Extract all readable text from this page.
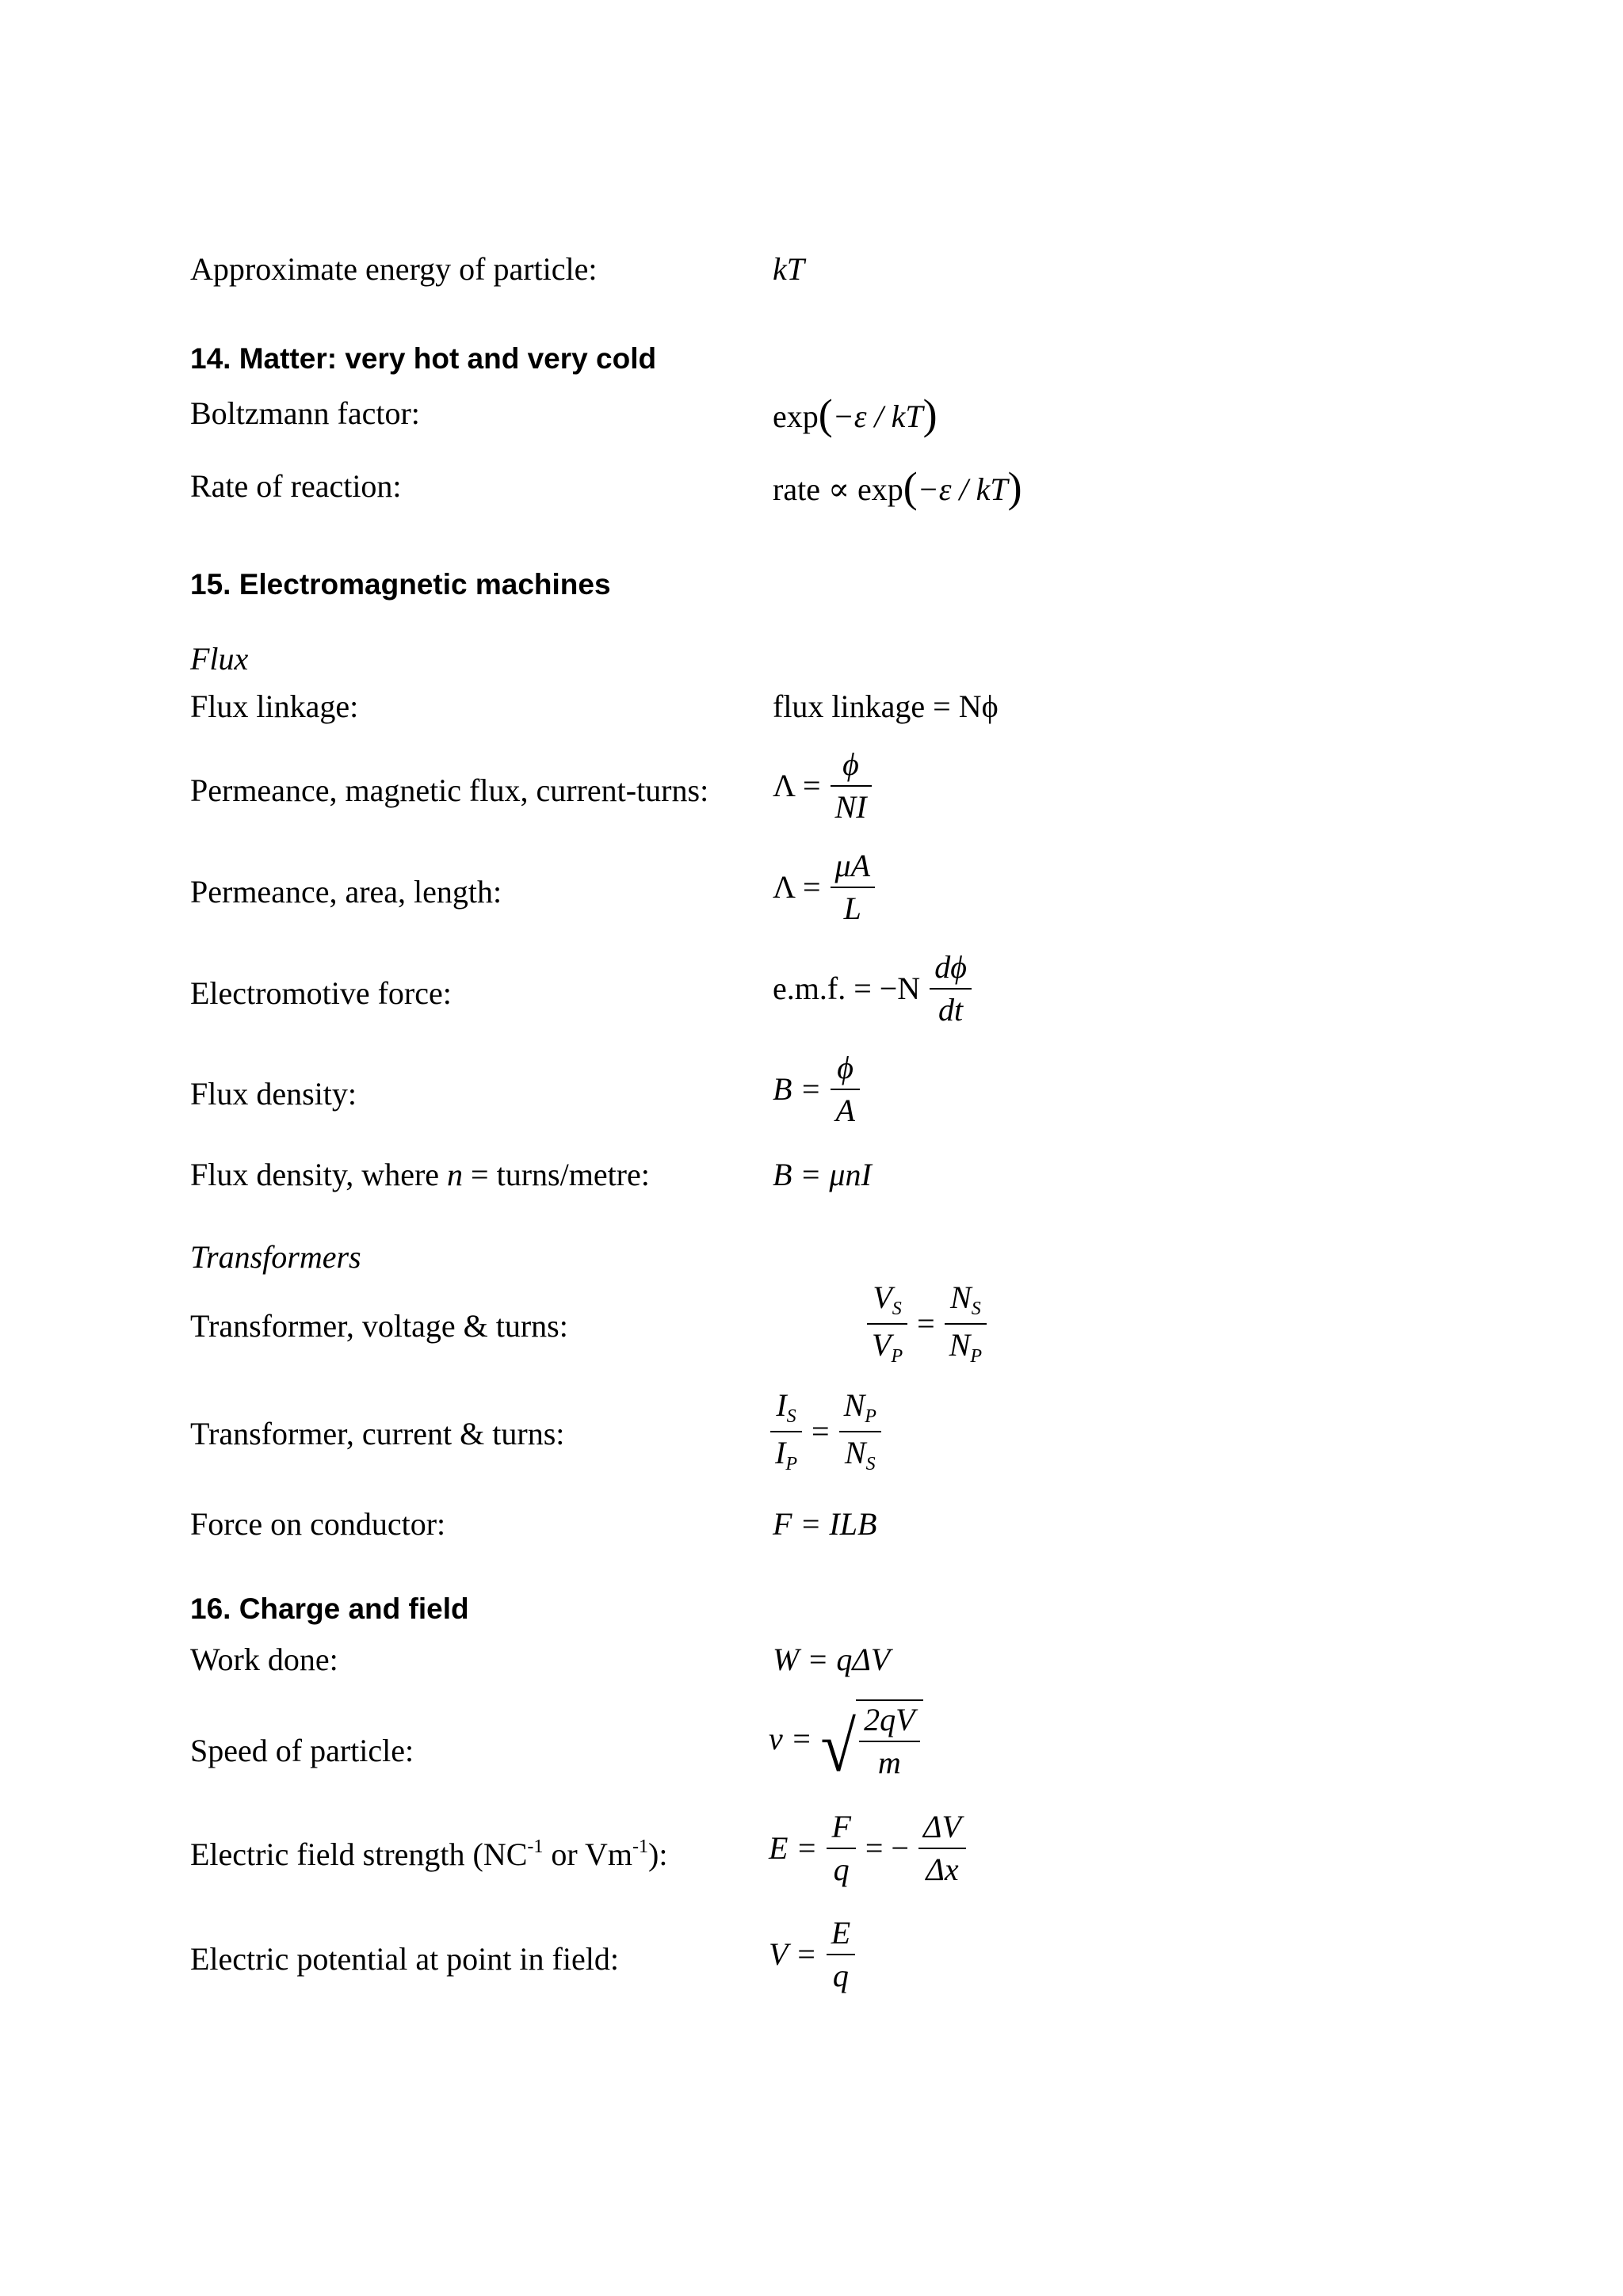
Approximate energy of particle:	kT
14. Matter: very hot and very cold
Boltzmann factor:	exp(−ε / kT)
Rate of reaction:	rate ∝ exp(−ε / kT)
15. Electromagnetic machines
Flux
Flux linkage:	flux linkage = Nϕ
Permeance, magnetic flux, current-turns: $\Lambda = \frac{\phi}{NI}$
Permeance, area, length:	$\Lambda = \frac{\mu A}{L}$
Electromotive force:	e.m.f. = $-N \frac{d\phi}{dt}$
Flux density:	$B = \frac{\phi}{A}$
Flux density, where n = turns/metre:	B = μnI
Transformers
Transformer, voltage & turns:	$\frac{V_S}{V_P} = \frac{N_S}{N_P}$
Transformer, current & turns:	$\frac{I_S}{I_P} = \frac{N_P}{N_S}$
Force on conductor:	F = ILB
16. Charge and field
Work done:	W = qΔV
Speed of particle:	v = √ $\frac{2qV}{m}$
Electric field strength ($NC^{-1}$ or $Vm^{-1}$):	$E = \frac{F}{q}$ = − $\frac{\Delta V}{\Delta x}$
Electric potential at point in field:	$V = \frac{E}{q}$
